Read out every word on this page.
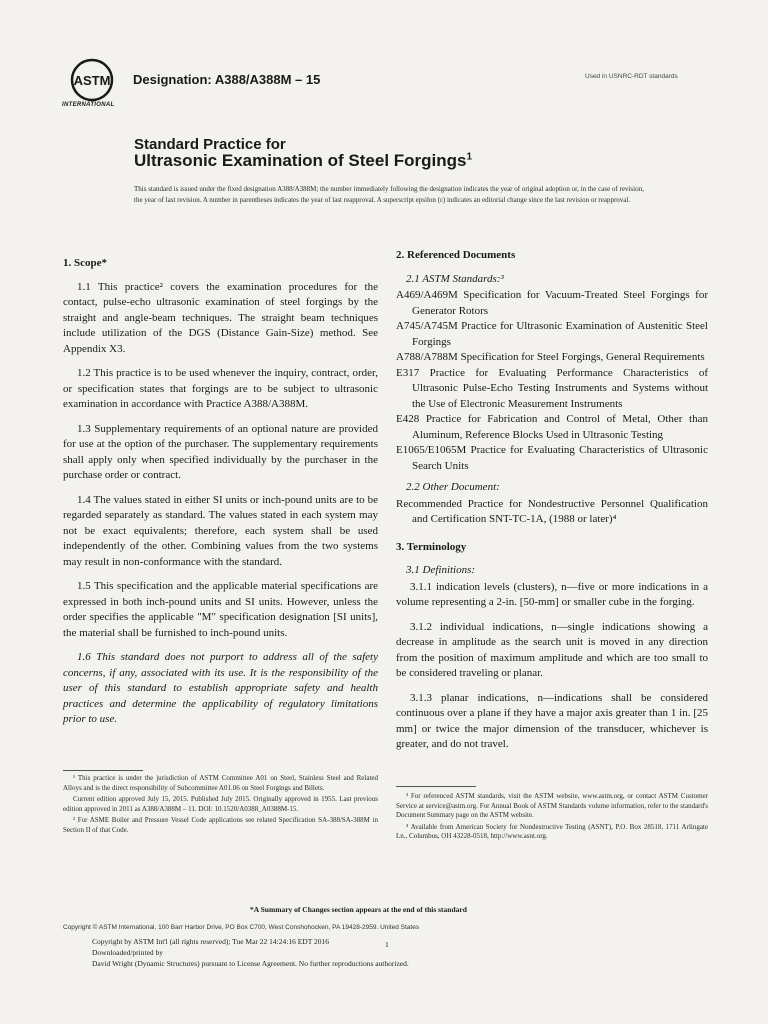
ASTM
INTERNATIONAL
Designation: A388/A388M – 15	Used in USNRC-RDT standards
Standard Practice for
Ultrasonic Examination of Steel Forgings$^1$
This standard is issued under the fixed designation A388/A388M; the number immediately following the designation indicates the year of original adoption or, in the case of revision, the year of last revision. A number in parentheses indicates the year of last reapproval. A superscript epsilon (ε) indicates an editorial change since the last revision or reapproval.
1. Scope*

1.1 This practice² covers the examination procedures for the contact, pulse-echo ultrasonic examination of steel forgings by the straight and angle-beam techniques. The straight beam techniques include utilization of the DGS (Distance Gain-Size) method. See Appendix X3.

1.2 This practice is to be used whenever the inquiry, contract, order, or specification states that forgings are to be subject to ultrasonic examination in accordance with Practice A388/A388M.

1.3 Supplementary requirements of an optional nature are provided for use at the option of the purchaser. The supplementary requirements shall apply only when specified individually by the purchaser in the purchase order or contract.

1.4 The values stated in either SI units or inch-pound units are to be regarded separately as standard. The values stated in each system may not be exact equivalents; therefore, each system shall be used independently of the other. Combining values from the two systems may result in non-conformance with the standard.

1.5 This specification and the applicable material specifications are expressed in both inch-pound units and SI units. However, unless the order specifies the applicable "M" specification designation [SI units], the material shall be furnished to inch-pound units.

1.6 This standard does not purport to address all of the safety concerns, if any, associated with its use. It is the responsibility of the user of this standard to establish appropriate safety and health practices and determine the applicability of regulatory limitations prior to use.

2. Referenced Documents

2.1 ASTM Standards:³

A469/A469M Specification for Vacuum-Treated Steel Forgings for Generator Rotors

A745/A745M Practice for Ultrasonic Examination of Austenitic Steel Forgings

A788/A788M Specification for Steel Forgings, General Requirements

E317 Practice for Evaluating Performance Characteristics of Ultrasonic Pulse-Echo Testing Instruments and Systems without the Use of Electronic Measurement Instruments

E428 Practice for Fabrication and Control of Metal, Other than Aluminum, Reference Blocks Used in Ultrasonic Testing

E1065/E1065M Practice for Evaluating Characteristics of Ultrasonic Search Units

2.2 Other Document:

Recommended Practice for Nondestructive Personnel Qualification and Certification SNT-TC-1A, (1988 or later)⁴

3. Terminology

3.1 Definitions:

3.1.1 indication levels (clusters), n—five or more indications in a volume representing a 2-in. [50-mm] or smaller cube in the forging.

3.1.2 individual indications, n—single indications showing a decrease in amplitude as the search unit is moved in any direction from the position of maximum amplitude and which are too small to be considered traveling or planar.

3.1.3 planar indications, n—indications shall be considered continuous over a plane if they have a major axis greater than 1 in. [25 mm] or twice the major dimension of the transducer, whichever is greater, and do not travel.

¹ This practice is under the jurisdiction of ASTM Committee A01 on Steel, Stainless Steel and Related Alloys and is the direct responsibility of Subcommittee A01.06 on Steel Forgings and Billets.

Current edition approved July 15, 2015. Published July 2015. Originally approved in 1955. Last previous edition approved in 2011 as A388/A388M – 11. DOI: 10.1520/A0388_A0388M-15.

² For ASME Boiler and Pressure Vessel Code applications see related Specification SA-388/SA-388M in Section II of that Code.

³ For referenced ASTM standards, visit the ASTM website, www.astm.org, or contact ASTM Customer Service at service@astm.org. For Annual Book of ASTM Standards volume information, refer to the standard's Document Summary page on the ASTM website.

⁴ Available from American Society for Nondestructive Testing (ASNT), P.O. Box 28518, 1711 Arlingate Ln., Columbus, OH 43228-0518, http://www.asnt.org.

*A Summary of Changes section appears at the end of this standard
Copyright © ASTM International, 100 Barr Harbor Drive, PO Box C700, West Conshohocken, PA 19428-2959. United States
Copyright by ASTM Int'l (all rights reserved); Tue Mar 22 14:24:16 EDT 2016
Downloaded/printed by
David Wright (Dynamic Structures) pursuant to License Agreement. No further reproductions authorized.
1
